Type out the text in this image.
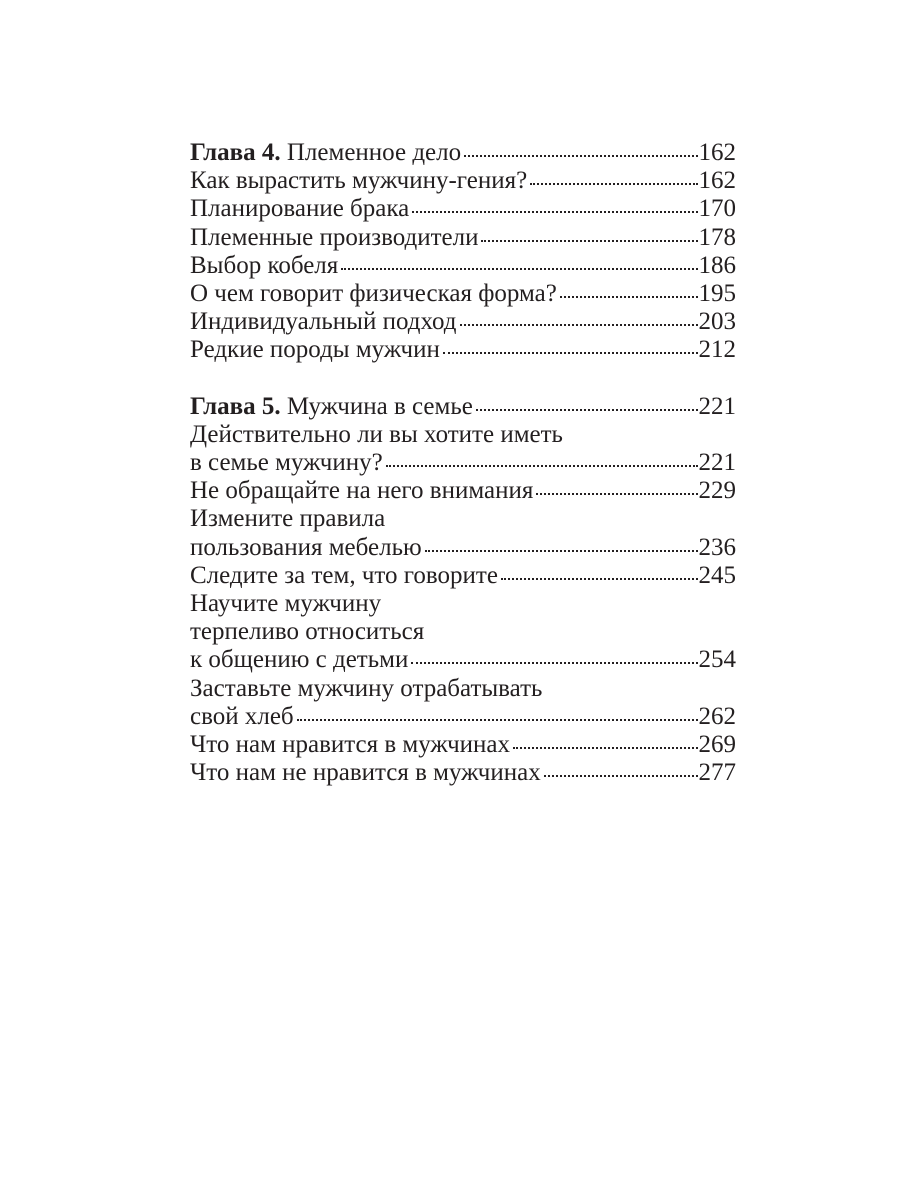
Глава 4. Племенное дело	162
Как вырастить мужчину-гения?	162
Планирование брака	170
Племенные производители	178
Выбор кобеля	186
О чем говорит физическая форма?	195
Индивидуальный подход	203
Редкие породы мужчин	212
Глава 5. Мужчина в семье	221
Действительно ли вы хотите иметь
в семье мужчину?	221
Не обращайте на него внимания	229
Измените правила
пользования мебелью	236
Следите за тем, что говорите	245
Научите мужчину
терпеливо относиться
к общению с детьми	254
Заставьте мужчину отрабатывать
свой хлеб	262
Что нам нравится в мужчинах	269
Что нам не нравится в мужчинах	277
